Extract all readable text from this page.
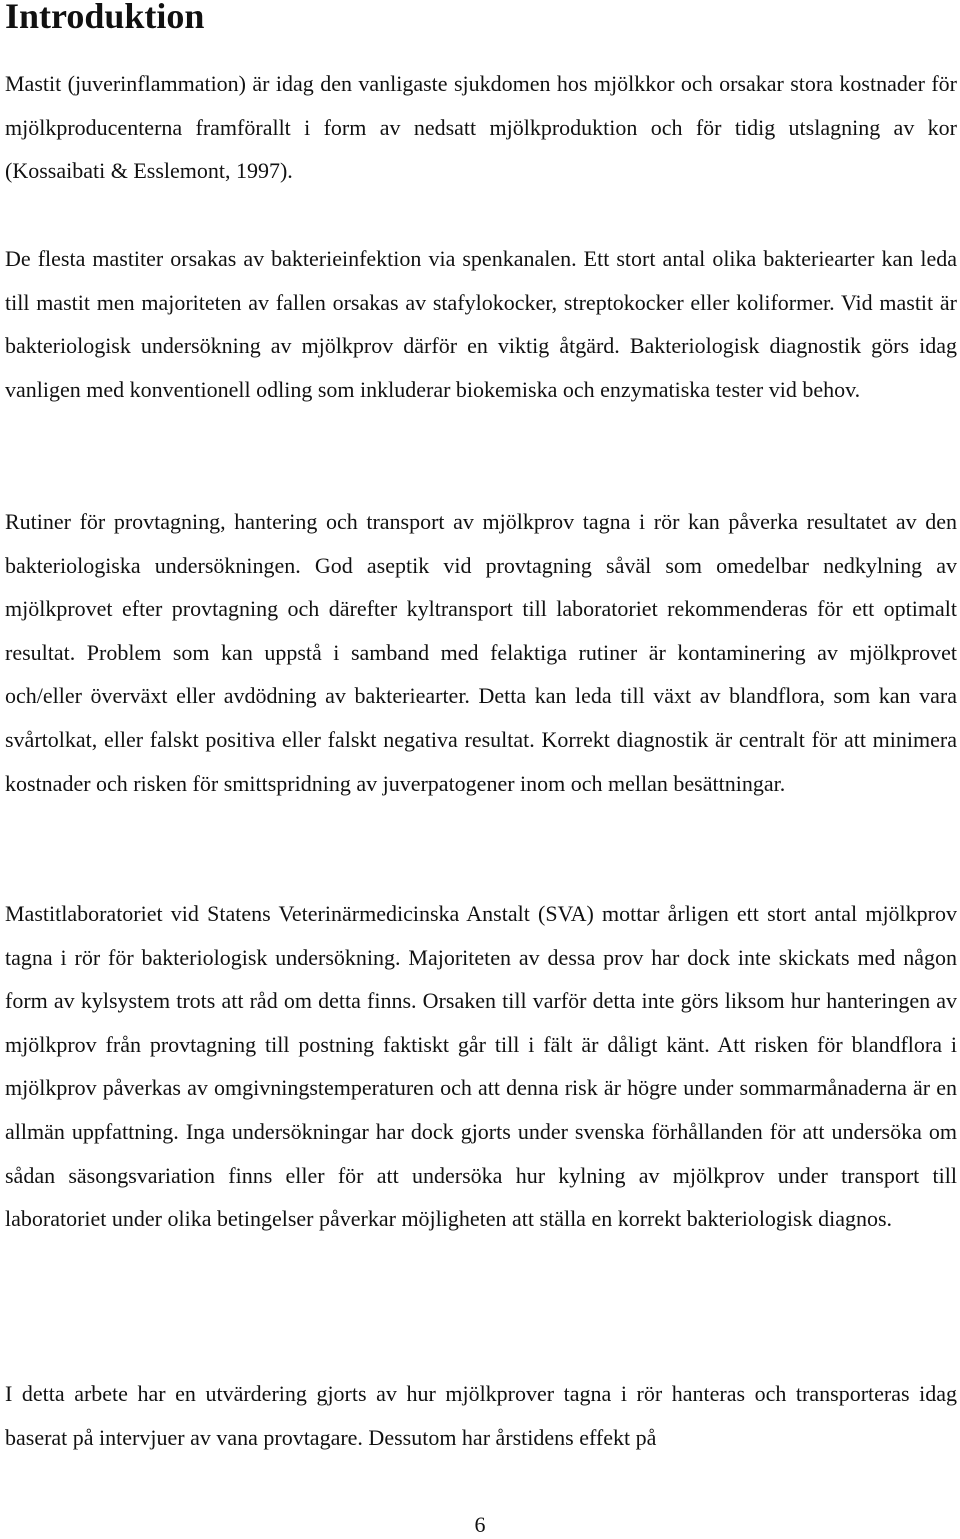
Introduktion

Mastit (juverinflammation) är idag den vanligaste sjukdomen hos mjölkkor och orsakar stora kostnader för mjölkproducenterna framförallt i form av nedsatt mjölkproduktion och för tidig utslagning av kor (Kossaibati & Esslemont, 1997).

De flesta mastiter orsakas av bakterieinfektion via spenkanalen. Ett stort antal olika bakteriearter kan leda till mastit men majoriteten av fallen orsakas av stafylokocker, streptokocker eller koliformer. Vid mastit är bakteriologisk undersökning av mjölkprov därför en viktig åtgärd. Bakteriologisk diagnostik görs idag vanligen med konventionell odling som inkluderar biokemiska och enzymatiska tester vid behov.

Rutiner för provtagning, hantering och transport av mjölkprov tagna i rör kan påverka resultatet av den bakteriologiska undersökningen. God aseptik vid provtagning såväl som omedelbar nedkylning av mjölkprovet efter provtagning och därefter kyltransport till laboratoriet rekommenderas för ett optimalt resultat. Problem som kan uppstå i samband med felaktiga rutiner är kontaminering av mjölkprovet och/eller överväxt eller avdödning av bakteriearter. Detta kan leda till växt av blandflora, som kan vara svårtolkat, eller falskt positiva eller falskt negativa resultat. Korrekt diagnostik är centralt för att minimera kostnader och risken för smittspridning av juverpatogener inom och mellan besättningar.

Mastitlaboratoriet vid Statens Veterinärmedicinska Anstalt (SVA) mottar årligen ett stort antal mjölkprov tagna i rör för bakteriologisk undersökning. Majoriteten av dessa prov har dock inte skickats med någon form av kylsystem trots att råd om detta finns. Orsaken till varför detta inte görs liksom hur hanteringen av mjölkprov från provtagning till postning faktiskt går till i fält är dåligt känt. Att risken för blandflora i mjölkprov påverkas av omgivningstemperaturen och att denna risk är högre under sommarmånaderna är en allmän uppfattning. Inga undersökningar har dock gjorts under svenska förhållanden för att undersöka om sådan säsongsvariation finns eller för att undersöka hur kylning av mjölkprov under transport till laboratoriet under olika betingelser påverkar möjligheten att ställa en korrekt bakteriologisk diagnos.

I detta arbete har en utvärdering gjorts av hur mjölkprover tagna i rör hanteras och transporteras idag baserat på intervjuer av vana provtagare. Dessutom har årstidens effekt på

6
